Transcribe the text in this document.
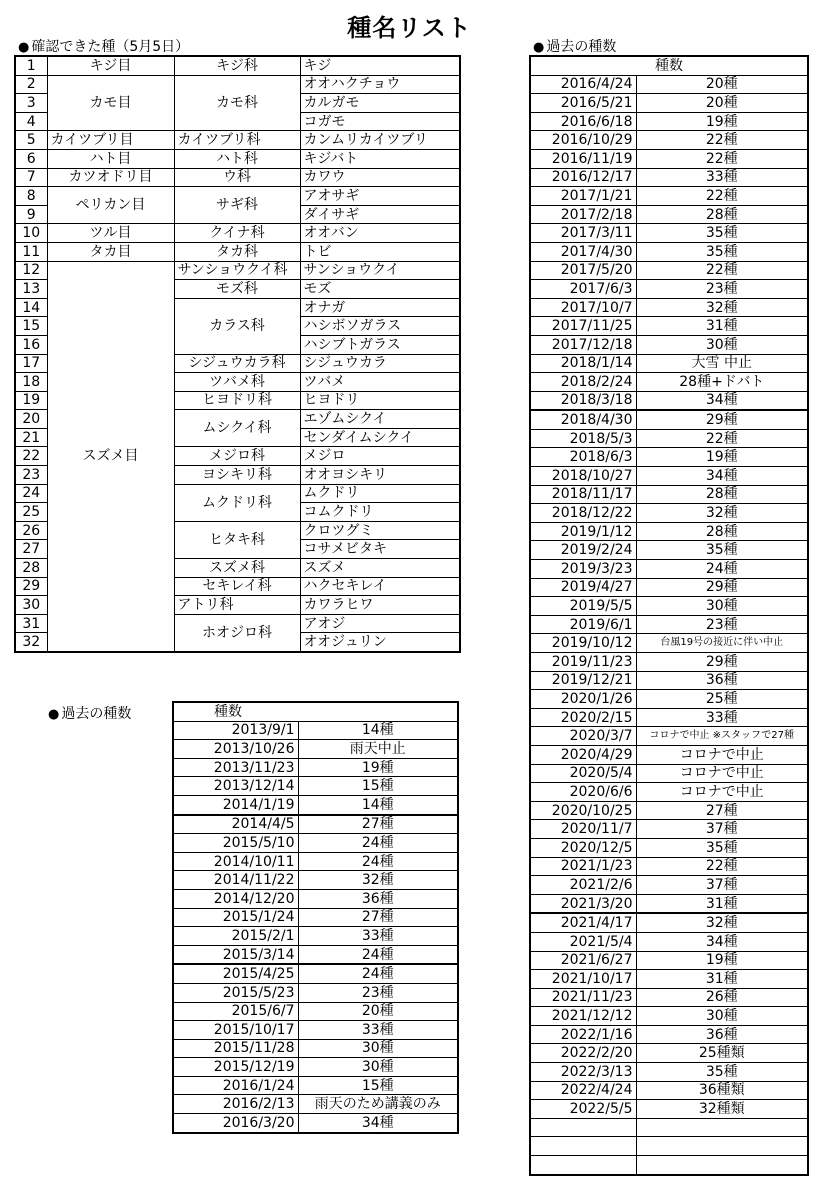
種名リスト
● 確認できた種（5月5日）
1	キジ目	キジ科	キジ
2	カモ目	カモ科	オオハクチョウ
3			カルガモ
4			コガモ
5	カイツブリ目	カイツブリ科	カンムリカイツブリ
6	ハト目	ハト科	キジバト
7	カツオドリ目	ウ科	カワウ
8	ペリカン目	サギ科	アオサギ
9			ダイサギ
10	ツル目	クイナ科	オオバン
11	タカ目	タカ科	トビ
12	スズメ目	サンショウクイ科	サンショウクイ
13		モズ科	モズ
14		カラス科	オナガ
15			ハシボソガラス
16			ハシブトガラス
17		シジュウカラ科	シジュウカラ
18		ツバメ科	ツバメ
19		ヒヨドリ科	ヒヨドリ
20		ムシクイ科	エゾムシクイ
21			センダイムシクイ
22		メジロ科	メジロ
23		ヨシキリ科	オオヨシキリ
24		ムクドリ科	ムクドリ
25			コムクドリ
26		ヒタキ科	クロツグミ
27			コサメビタキ
28		スズメ科	スズメ
29		セキレイ科	ハクセキレイ
30		アトリ科	カワラヒワ
31		ホオジロ科	アオジ
32			オオジュリン
● 過去の種数	種数	
2013/9/1	14種
2013/10/26	雨天中止
2013/11/23	19種
2013/12/14	15種
2014/1/19	14種
2014/4/5	27種
2015/5/10	24種
2014/10/11	24種
2014/11/22	32種
2014/12/20	36種
2015/1/24	27種
2015/2/1	33種
2015/3/14	24種
2015/4/25	24種
2015/5/23	23種
2015/6/7	20種
2015/10/17	33種
2015/11/28	30種
2015/12/19	30種
2016/1/24	15種
2016/2/13	雨天のため講義のみ
2016/3/20	34種
● 過去の種数
種数	
2016/4/24	20種
2016/5/21	20種
2016/6/18	19種
2016/10/29	22種
2016/11/19	22種
2016/12/17	33種
2017/1/21	22種
2017/2/18	28種
2017/3/11	35種
2017/4/30	35種
2017/5/20	22種
2017/6/3	23種
2017/10/7	32種
2017/11/25	31種
2017/12/18	30種
2018/1/14	大雪 中止
2018/2/24	28種+ドバト
2018/3/18	34種
2018/4/30	29種
2018/5/3	22種
2018/6/3	19種
2018/10/27	34種
2018/11/17	28種
2018/12/22	32種
2019/1/12	28種
2019/2/24	35種
2019/3/23	24種
2019/4/27	29種
2019/5/5	30種
2019/6/1	23種
2019/10/12	台風19号の接近に伴い中止
2019/11/23	29種
2019/12/21	36種
2020/1/26	25種
2020/2/15	33種
2020/3/7	コロナで中止 ※スタッフで27種
2020/4/29	コロナで中止
2020/5/4	コロナで中止
2020/6/6	コロナで中止
2020/10/25	27種
2020/11/7	37種
2020/12/5	35種
2021/1/23	22種
2021/2/6	37種
2021/3/20	31種
2021/4/17	32種
2021/5/4	34種
2021/6/27	19種
2021/10/17	31種
2021/11/23	26種
2021/12/12	30種
2022/1/16	36種
2022/2/20	25種類
2022/3/13	35種
2022/4/24	36種類
2022/5/5	32種類
